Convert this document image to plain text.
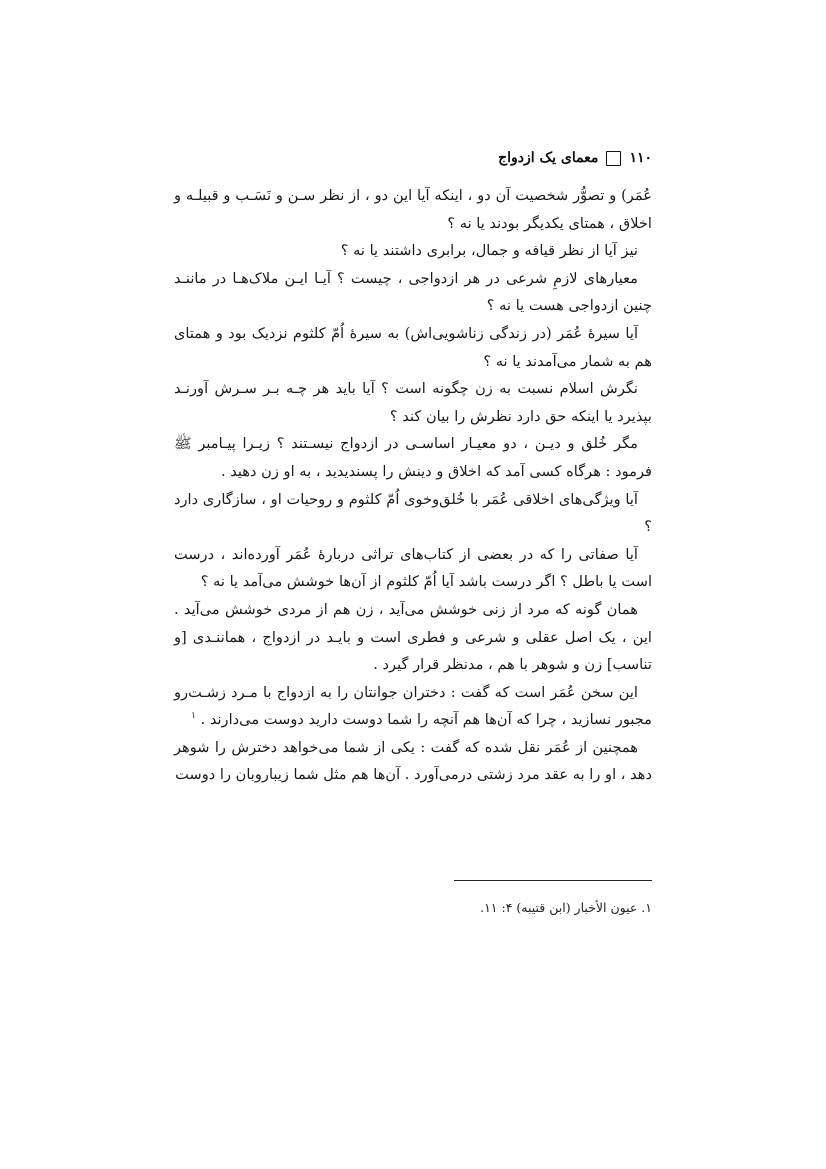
۱۱۰
معمای یک ازدواج

عُمَر) و تصوُّر شخصیت آن دو ، اینکه آیا این دو ، از نظر سـن و نَسَـب و قبیلـه و اخلاق ، همتای یکدیگر بودند یا نه ؟

نیز آیا از نظر قیافه و جمال، برابری داشتند یا نه ؟

معیارهای لازمِ شرعی در هر ازدواجی ، چیست ؟ آیـا ایـن ملاک‌هـا در ماننـد چنین ازدواجی هست یا نه ؟

آیا سیرهٔ عُمَر (در زندگی زناشویی‌اش) به سیرهٔ اُمّ کلثوم نزدیک بود و همتای هم به شمار می‌آمدند یا نه ؟

نگرش اسلام نسبت به زن چگونه است ؟ آیا باید هر چـه بـر سـرش آورنـد بپذیرد یا اینکه حق دارد نظرش را بیان کند ؟

مگر خُلق و دیـن ، دو معیـار اساسـی در ازدواج نیسـتند ؟ زیـرا پیـامبر ﷺ فرمود : هرگاه کسی آمد که اخلاق و دینش را پسندیدید ، به او زن دهید .

آیا ویژگی‌های اخلاقی عُمَر با خُلق‌وخوی اُمّ کلثوم و روحیات او ، سازگاری دارد ؟

آیا صفاتی را که در بعضی از کتاب‌های تراثی دربارهٔ عُمَر آورده‌اند ، درست است یا باطل ؟ اگر درست باشد آیا اُمّ کلثوم از آن‌ها خوشش می‌آمد یا نه ؟

همان گونه که مرد از زنی خوشش می‌آید ، زن هم از مردی خوشش می‌آید . این ، یک اصل عقلی و شرعی و فطری است و بایـد در ازدواج ، هماننـدی [و تناسب] زن و شوهر با هم ، مدنظر قرار گیرد .

این سخن عُمَر است که گفت : دختران جوانتان را به ازدواج با مـرد زشـت‌رو مجبور نسازید ، چرا که آن‌ها هم آنچه را شما دوست دارید دوست می‌دارند . $^۱$

همچنین از عُمَر نقل شده که گفت : یکی از شما می‌خواهد دخترش را شوهر دهد ، او را به عقد مرد زشتی درمی‌آورد . آن‌ها هم مثل شما زیباروبان را دوست

۱. عیون الأخبار (ابن قتیبه) ۴: ۱۱.
